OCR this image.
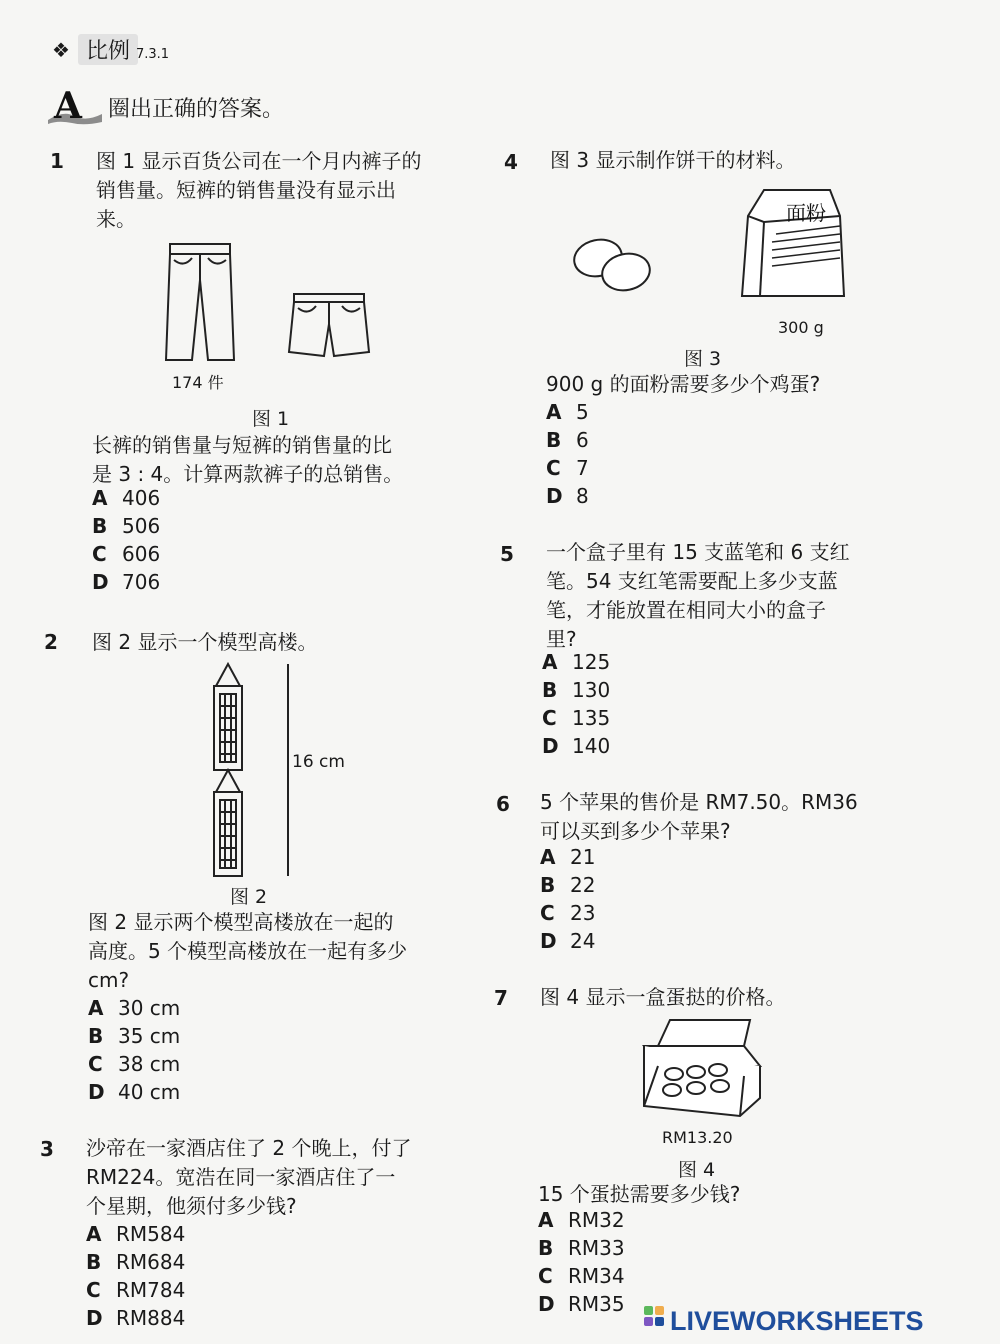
❖ 比例 7.3.1
A 圈出正确的答案。
1 图 1 显示百货公司在一个月内裤子的
销售量。短裤的销售量没有显示出
来。
174 件
图 1
长裤的销售量与短裤的销售量的比
是 3 : 4。计算两款裤子的总销售。
A 406
B 506
C 606
D 706
2 图 2 显示一个模型高楼。
16 cm
图 2
图 2 显示两个模型高楼放在一起的
高度。5 个模型高楼放在一起有多少
cm?
A 30 cm
B 35 cm
C 38 cm
D 40 cm
3 沙帝在一家酒店住了 2 个晚上，付了
RM224。宽浩在同一家酒店住了一
个星期，他须付多少钱?
A RM584
B RM684
C RM784
D RM884
4 图 3 显示制作饼干的材料。
面粉
300 g
图 3
900 g 的面粉需要多少个鸡蛋?
A 5
B 6
C 7
D 8
5 一个盒子里有 15 支蓝笔和 6 支红
笔。54 支红笔需要配上多少支蓝
笔，才能放置在相同大小的盒子
里?
A 125
B 130
C 135
D 140
6 5 个苹果的售价是 RM7.50。RM36
可以买到多少个苹果?
A 21
B 22
C 23
D 24
7 图 4 显示一盒蛋挞的价格。
RM13.20
图 4
15 个蛋挞需要多少钱?
A RM32
B RM33
C RM34
D RM35
LIVEWORKSHEETS
